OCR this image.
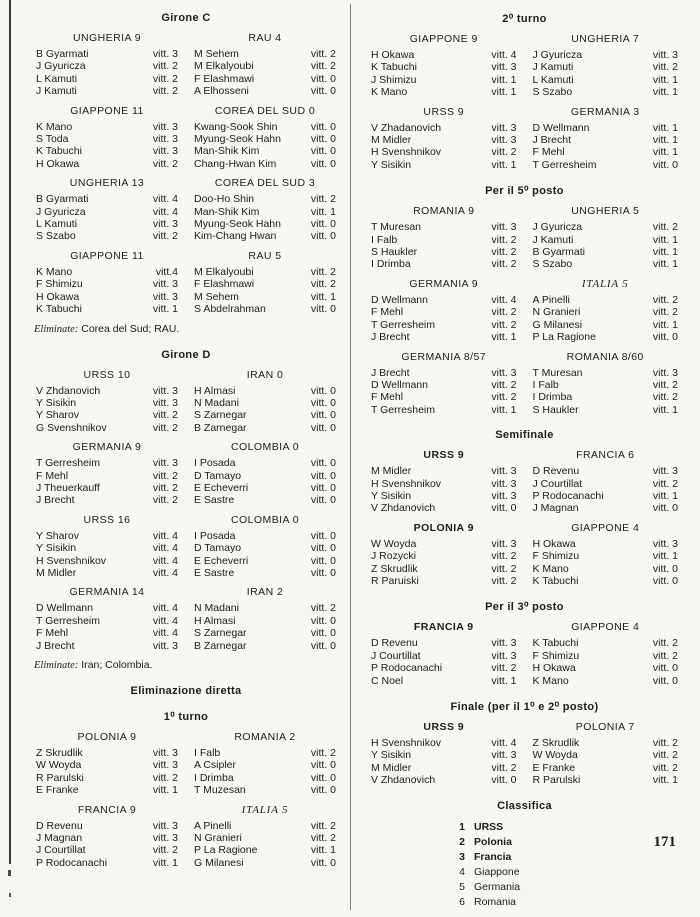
Girone C
UNGHERIA 9
B Gyarmati	vitt. 3
J Gyuricza	vitt. 2
L Kamuti	vitt. 2
J Kamuti	vitt. 2
RAU 4
M Sehem	vitt. 2
M Elkalyoubi	vitt. 2
F Elashmawi	vitt. 0
A Elhosseni	vitt. 0
GIAPPONE 11
K Mano	vitt. 3
S Toda	vitt. 3
K Tabuchi	vitt. 3
H Okawa	vitt. 2
COREA DEL SUD 0
Kwang-Sook Shin	vitt. 0
Myung-Seok Hahn	vitt. 0
Man-Shik Kim	vitt. 0
Chang-Hwan Kim	vitt. 0
UNGHERIA 13
B Gyarmati	vitt. 4
J Gyuricza	vitt. 4
L Kamuti	vitt. 3
S Szabo	vitt. 2
COREA DEL SUD 3
Doo-Ho Shin	vitt. 2
Man-Shik Kim	vitt. 1
Myung-Seok Hahn	vitt. 0
Kim-Chang Hwan	vitt. 0
GIAPPONE 11
K Mano	vitt.4
F Shimizu	vitt. 3
H Okawa	vitt. 3
K Tabuchi	vitt. 1
RAU 5
M Elkalyoubi	vitt. 2
F Elashmawi	vitt. 2
M Sehem	vitt. 1
S Abdelrahman	vitt. 0
Eliminate: Corea del Sud; RAU.
Girone D
URSS 10
V Zhdanovich	vitt. 3
Y Sisikin	vitt. 3
Y Sharov	vitt. 2
G Svenshnikov	vitt. 2
IRAN 0
H Almasi	vitt. 0
N Madani	vitt. 0
S Zarnegar	vitt. 0
B Zarnegar	vitt. 0
GERMANIA 9
T Gerresheim	vitt. 3
F Mehl	vitt. 2
J Theuerkauff	vitt. 2
J Brecht	vitt. 2
COLOMBIA 0
I Posada	vitt. 0
D Tamayo	vitt. 0
E Echeverri	vitt. 0
E Sastre	vitt. 0
URSS 16
Y Sharov	vitt. 4
Y Sisikin	vitt. 4
H Svenshnikov	vitt. 4
M Midler	vitt. 4
COLOMBIA 0
I Posada	vitt. 0
D Tamayo	vitt. 0
E Echeverri	vitt. 0
E Sastre	vitt. 0
GERMANIA 14
D Wellmann	vitt. 4
T Gerresheim	vitt. 4
F Mehl	vitt. 4
J Brecht	vitt. 3
IRAN 2
N Madani	vitt. 2
H Almasi	vitt. 0
S Zarnegar	vitt. 0
B Zarnegar	vitt. 0
Eliminate: Iran; Colombia.
Eliminazione diretta
1⁰ turno
POLONIA 9
Z Skrudlik	vitt. 3
W Woyda	vitt. 3
R Parulski	vitt. 2
E Franke	vitt. 1
ROMANIA 2
I Falb	vitt. 2
A Csipler	vitt. 0
I Drimba	vitt. 0
T Muzesan	vitt. 0
FRANCIA 9
D Revenu	vitt. 3
J Magnan	vitt. 3
J Courtillat	vitt. 2
P Rodocanachi	vitt. 1
ITALIA 5
A Pinelli	vitt. 2
N Granieri	vitt. 2
P La Ragione	vitt. 1
G Milanesi	vitt. 0
2⁰ turno
GIAPPONE 9
H Okawa	vitt. 4
K Tabuchi	vitt. 3
J Shimizu	vitt. 1
K Mano	vitt. 1
UNGHERIA 7
J Gyuricza	vitt. 3
J Kamuti	vitt. 2
L Kamuti	vitt. 1
S Szabo	vitt. 1
URSS 9
V Zhadanovich	vitt. 3
M Midler	vitt. 3
H Svenshnikov	vitt. 2
Y Sisikin	vitt. 1
GERMANIA 3
D Wellmann	vitt. 1
J Brecht	vitt. 1
F Mehl	vitt. 1
T Gerresheim	vitt. 0
Per il 5⁰ posto
ROMANIA 9
T Muresan	vitt. 3
I Falb	vitt. 2
S Haukler	vitt. 2
I Drimba	vitt. 2
UNGHERIA 5
J Gyuricza	vitt. 2
J Kamuti	vitt. 1
B Gyarmati	vitt. 1
S Szabo	vitt. 1
GERMANIA 9
D Wellmann	vitt. 4
F Mehl	vitt. 2
T Gerresheim	vitt. 2
J Brecht	vitt. 1
ITALIA 5
A Pinelli	vitt. 2
N Granieri	vitt. 2
G Milanesi	vitt. 1
P La Ragione	vitt. 0
GERMANIA 8/57
J Brecht	vitt. 3
D Wellmann	vitt. 2
F Mehl	vitt. 2
T Gerresheim	vitt. 1
ROMANIA 8/60
T Muresan	vitt. 3
I Falb	vitt. 2
I Drimba	vitt. 2
S Haukler	vitt. 1
Semifinale
URSS 9
M Midler	vitt. 3
H Svenshnikov	vitt. 3
Y Sisikin	vitt. 3
V Zhdanovich	vitt. 0
FRANCIA 6
D Revenu	vitt. 3
J Courtillat	vitt. 2
P Rodocanachi	vitt. 1
J Magnan	vitt. 0
POLONIA 9
W Woyda	vitt. 3
J Rozycki	vitt. 2
Z Skrudlik	vitt. 2
R Paruiski	vitt. 2
GIAPPONE 4
H Okawa	vitt. 3
F Shimizu	vitt. 1
K Mano	vitt. 0
K Tabuchi	vitt. 0
Per il 3⁰ posto
FRANCIA 9
D Revenu	vitt. 3
J Courtillat	vitt. 3
P Rodocanachi	vitt. 2
C Noel	vitt. 1
GIAPPONE 4
K Tabuchi	vitt. 2
F Shimizu	vitt. 2
H Okawa	vitt. 0
K Mano	vitt. 0
Finale (per il 1⁰ e 2⁰ posto)
URSS 9
H Svenshnikov	vitt. 4
Y Sisikin	vitt. 3
M Midler	vitt. 2
V Zhdanovich	vitt. 0
POLONIA 7
Z Skrudlik	vitt. 2
W Woyda	vitt. 2
E Franke	vitt. 2
R Parulski	vitt. 1
Classifica
1 URSS
2 Polonia
3 Francia
4 Giappone
5 Germania
6 Romania
171
